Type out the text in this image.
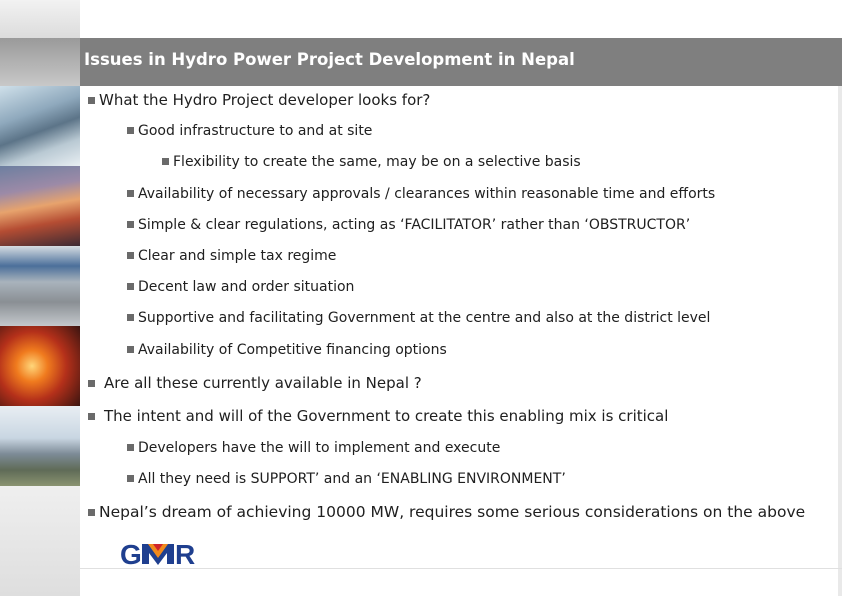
Issues in Hydro Power Project Development in Nepal
What the Hydro Project developer looks for?
Good infrastructure to and at site
Flexibility to create the same, may be on a selective basis
Availability of necessary approvals / clearances within reasonable time and efforts
Simple & clear regulations, acting as ‘FACILITATOR’ rather than ‘OBSTRUCTOR’
Clear and simple tax regime
Decent law and order situation
Supportive and facilitating Government at the centre and also at the district level
Availability of Competitive financing options
Are all these currently available in Nepal ?
The intent and will of the Government to create this enabling mix is critical
Developers have the will to implement and execute
All they need is SUPPORT’ and an ‘ENABLING ENVIRONMENT’
Nepal’s dream of achieving 10000 MW, requires some serious considerations on the above
G R
